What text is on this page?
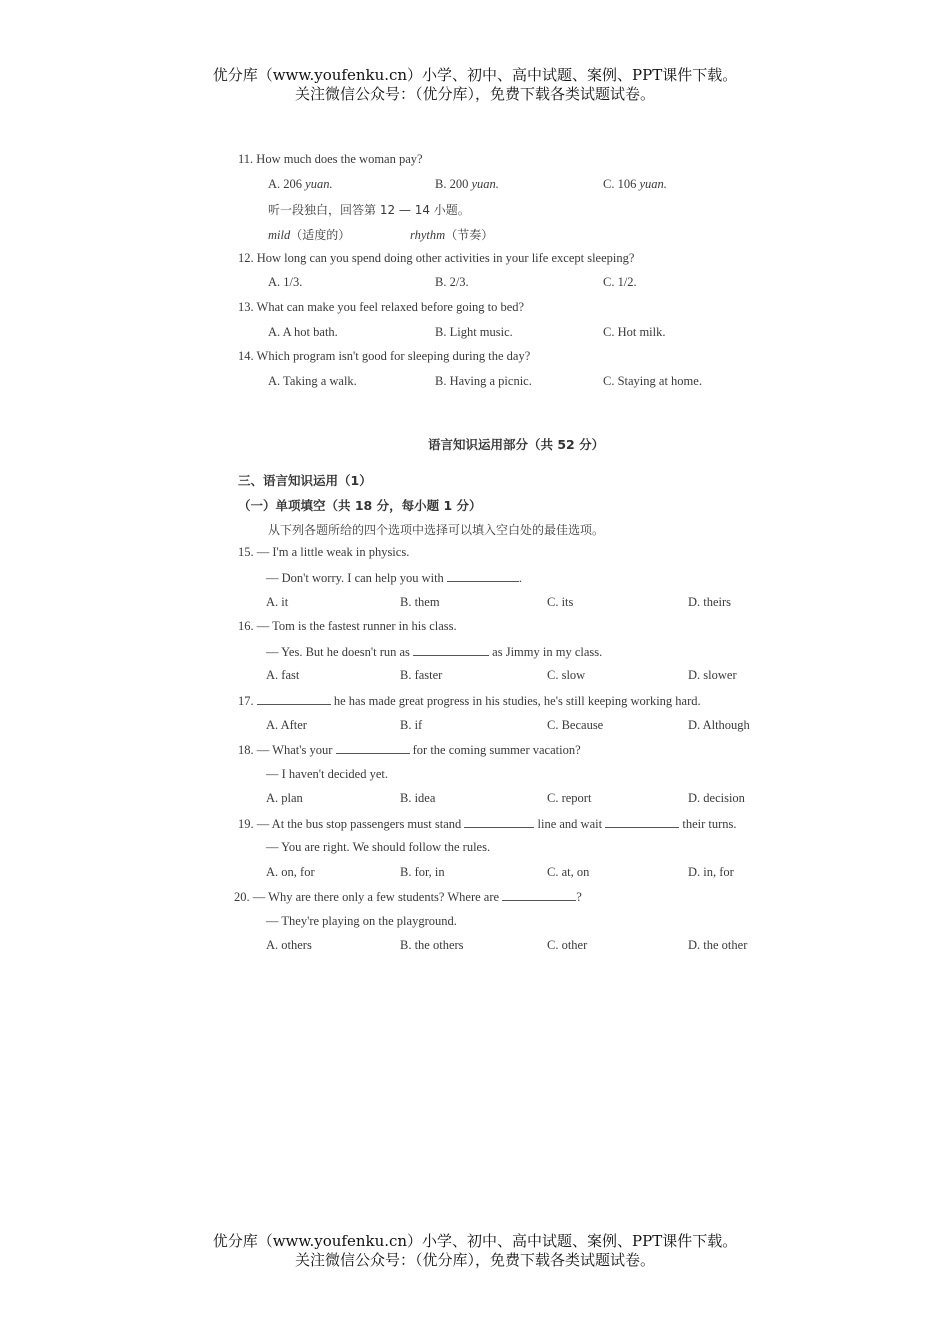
优分库（www.youfenku.cn）小学、初中、高中试题、案例、PPT课件下载。
关注微信公众号：（优分库），免费下载各类试题试卷。
11. How much does the woman pay?
A. 206 yuan.	B. 200 yuan.	C. 106 yuan.
听一段独白，回答第 12 — 14 小题。
mild（适度的）	rhythm（节奏）
12. How long can you spend doing other activities in your life except sleeping?
A. 1/3.	B. 2/3.	C. 1/2.
13. What can make you feel relaxed before going to bed?
A. A hot bath.	B. Light music.	C. Hot milk.
14. Which program isn't good for sleeping during the day?
A. Taking a walk.	B. Having a picnic.	C. Staying at home.
语言知识运用部分（共 52 分）
三、语言知识运用（1）
（一）单项填空（共 18 分，每小题 1 分）
从下列各题所给的四个选项中选择可以填入空白处的最佳选项。
15. — I'm a little weak in physics.
— Don't worry. I can help you with	.
A. it	B. them	C. its	D. theirs
16. — Tom is the fastest runner in his class.
— Yes. But he doesn't run as	as Jimmy in my class.
A. fast	B. faster	C. slow	D. slower
17.	he has made great progress in his studies, he's still keeping working hard.
A. After	B. if	C. Because	D. Although
18. — What's your	for the coming summer vacation?
— I haven't decided yet.
A. plan	B. idea	C. report	D. decision
19. — At the bus stop passengers must stand	line and wait	their turns.
— You are right. We should follow the rules.
A. on, for	B. for, in	C. at, on	D. in, for
20. — Why are there only a few students? Where are	?
— They're playing on the playground.
A. others	B. the others	C. other	D. the other
优分库（www.youfenku.cn）小学、初中、高中试题、案例、PPT课件下载。
关注微信公众号：（优分库），免费下载各类试题试卷。
